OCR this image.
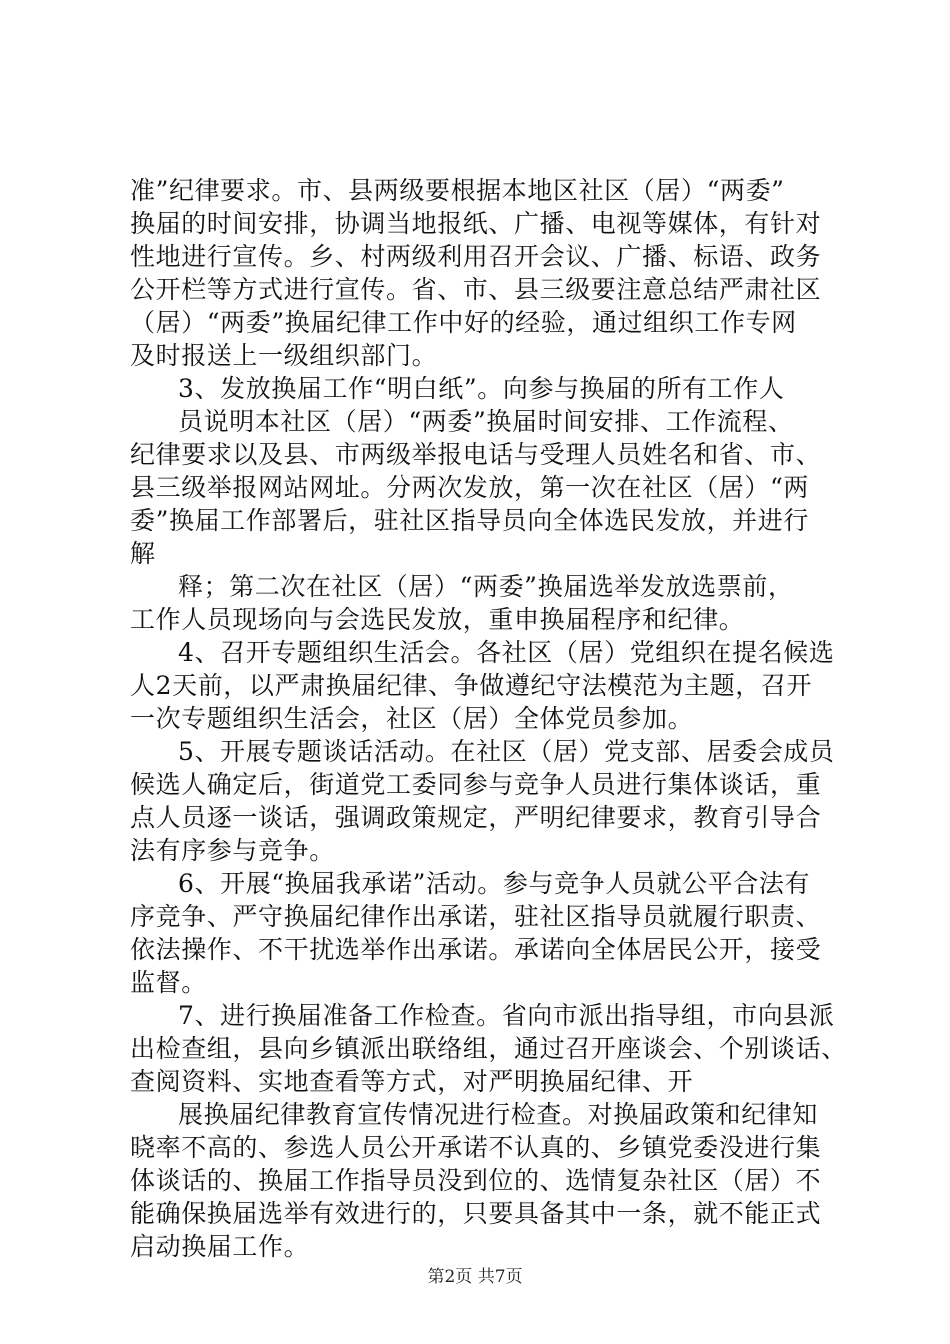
准”纪律要求。市、县两级要根据本地区社区（居）“两委”
换届的时间安排，协调当地报纸、广播、电视等媒体，有针对
性地进行宣传。乡、村两级利用召开会议、广播、标语、政务
公开栏等方式进行宣传。省、市、县三级要注意总结严肃社区
（居）“两委”换届纪律工作中好的经验，通过组织工作专网
及时报送上一级组织部门。
3、发放换届工作“明白纸”。向参与换届的所有工作人
员说明本社区（居）“两委”换届时间安排、工作流程、
纪律要求以及县、市两级举报电话与受理人员姓名和省、市、
县三级举报网站网址。分两次发放，第一次在社区（居）“两
委”换届工作部署后，驻社区指导员向全体选民发放，并进行
解
释；第二次在社区（居）“两委”换届选举发放选票前，
工作人员现场向与会选民发放，重申换届程序和纪律。
4、召开专题组织生活会。各社区（居）党组织在提名候选
人2天前，以严肃换届纪律、争做遵纪守法模范为主题，召开
一次专题组织生活会，社区（居）全体党员参加。
5、开展专题谈话活动。在社区（居）党支部、居委会成员
候选人确定后，街道党工委同参与竞争人员进行集体谈话，重
点人员逐一谈话，强调政策规定，严明纪律要求，教育引导合
法有序参与竞争。
6、开展“换届我承诺”活动。参与竞争人员就公平合法有
序竞争、严守换届纪律作出承诺，驻社区指导员就履行职责、
依法操作、不干扰选举作出承诺。承诺向全体居民公开，接受
监督。
7、进行换届准备工作检查。省向市派出指导组，市向县派
出检查组，县向乡镇派出联络组，通过召开座谈会、个别谈话、
查阅资料、实地查看等方式，对严明换届纪律、开
展换届纪律教育宣传情况进行检查。对换届政策和纪律知
晓率不高的、参选人员公开承诺不认真的、乡镇党委没进行集
体谈话的、换届工作指导员没到位的、选情复杂社区（居）不
能确保换届选举有效进行的，只要具备其中一条，就不能正式
启动换届工作。
第2页 共7页
